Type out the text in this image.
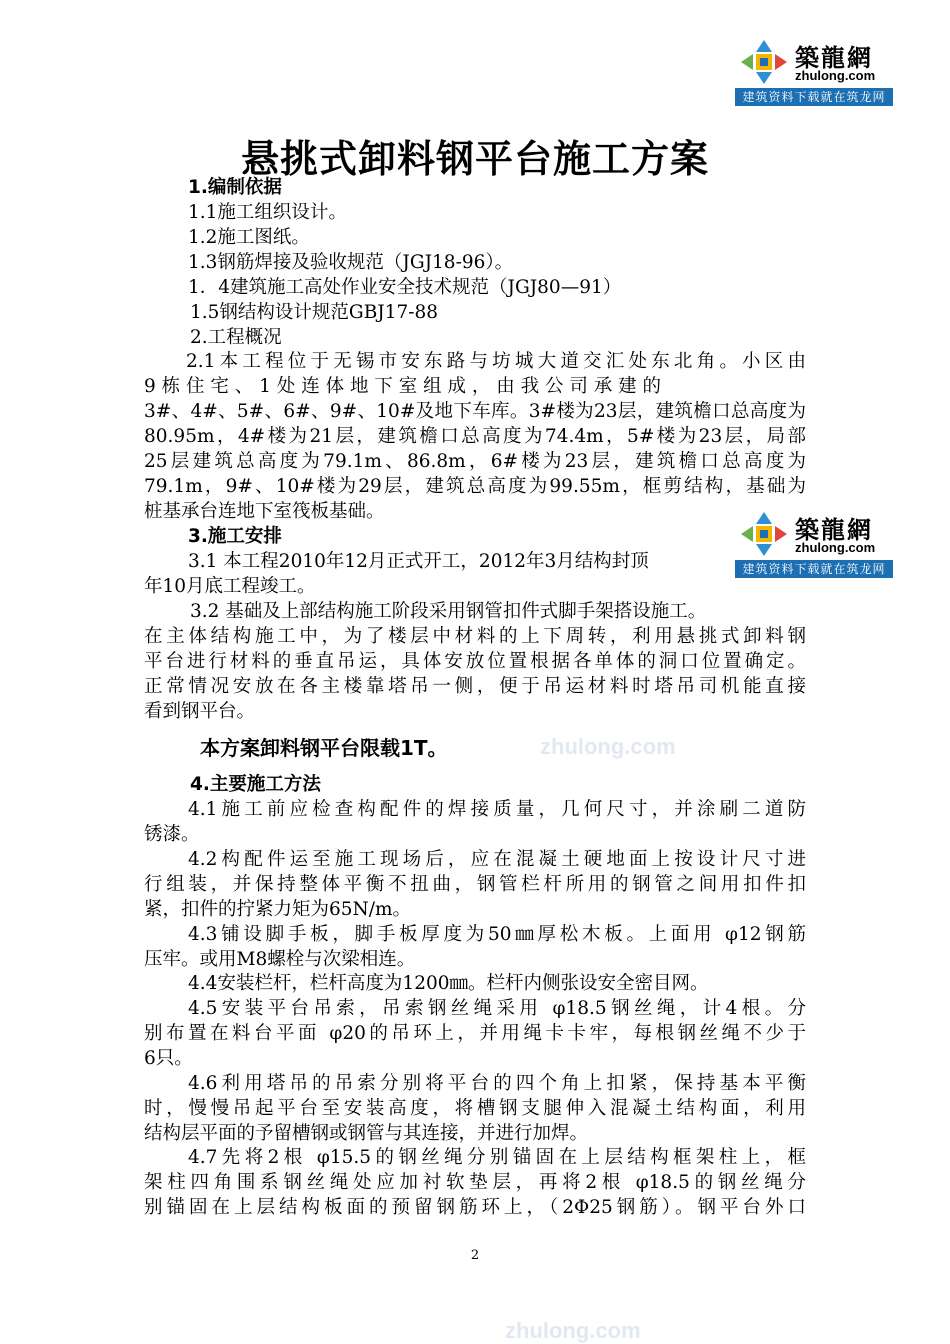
築龍網
zhulong.com
建筑资料下载就在筑龙网
築龍網
zhulong.com
建筑资料下载就在筑龙网
zhulong.com
zhulong.com
悬挑式卸料钢平台施工方案
1.编制依据
1.1施工组织设计。
1.2施工图纸。
1.3钢筋焊接及验收规范（JGJ18-96）。
1．4建筑施工高处作业安全技术规范（JGJ80—91）
1.5钢结构设计规范GBJ17-88
2.工程概况
2.1本工程位于无锡市安东路与坊城大道交汇处东北角。小区由
9 栋 住 宅 、 1 处 连 体 地 下 室 组 成 ， 由 我 公 司 承 建 的
3#、4#、5#、6#、9#、10#及地下车库。3#楼为23层，建筑檐口总高度为
80.95m，4#楼为21层，建筑檐口总高度为74.4m，5#楼为23层，局部
25层建筑总高度为79.1m、86.8m，6#楼为23层，建筑檐口总高度为
79.1m，9#、10#楼为29层，建筑总高度为99.55m，框剪结构，基础为
桩基承台连地下室筏板基础。
3.施工安排
3.1 本工程2010年12月正式开工，2012年3月结构封顶
年10月底工程竣工。
3.2 基础及上部结构施工阶段采用钢管扣件式脚手架搭设施工。
在主体结构施工中，为了楼层中材料的上下周转，利用悬挑式卸料钢
平台进行材料的垂直吊运，具体安放位置根据各单体的洞口位置确定。
正常情况安放在各主楼靠塔吊一侧，便于吊运材料时塔吊司机能直接
看到钢平台。
本方案卸料钢平台限载1T。
4.主要施工方法
4.1施工前应检查构配件的焊接质量，几何尺寸，并涂刷二道防
锈漆。
4.2构配件运至施工现场后，应在混凝土硬地面上按设计尺寸进
行组装，并保持整体平衡不扭曲，钢管栏杆所用的钢管之间用扣件扣
紧，扣件的拧紧力矩为65N/m。
4.3铺设脚手板，脚手板厚度为50㎜厚松木板。上面用 φ12钢筋
压牢。或用M8螺栓与次梁相连。
4.4安装栏杆，栏杆高度为1200㎜。栏杆内侧张设安全密目网。
4.5安装平台吊索，吊索钢丝绳采用 φ18.5钢丝绳，计4根。分
别布置在料台平面 φ20的吊环上，并用绳卡卡牢，每根钢丝绳不少于
6只。
4.6利用塔吊的吊索分别将平台的四个角上扣紧，保持基本平衡
时，慢慢吊起平台至安装高度，将槽钢支腿伸入混凝土结构面，利用
结构层平面的予留槽钢或钢管与其连接，并进行加焊。
4.7先将2根 φ15.5的钢丝绳分别锚固在上层结构框架柱上，框
架柱四角围系钢丝绳处应加衬软垫层，再将2根 φ18.5的钢丝绳分
别锚固在上层结构板面的预留钢筋环上，（2Φ25钢筋）。钢平台外口
2
